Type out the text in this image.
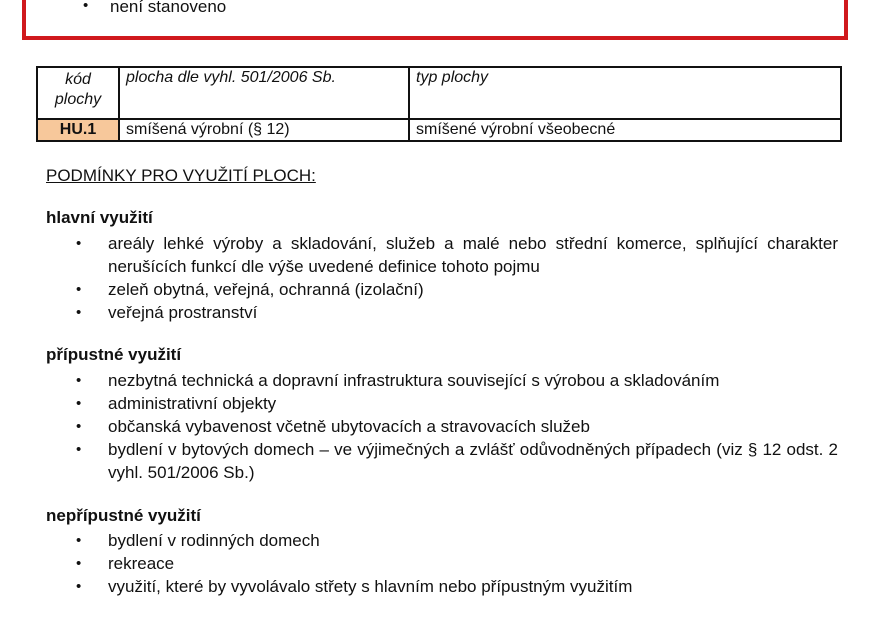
• není stanoveno
kód plochy	plocha dle vyhl. 501/2006 Sb.	typ plochy
HU.1	smíšená výrobní (§ 12)	smíšené výrobní všeobecné
PODMÍNKY PRO VYUŽITÍ PLOCH:
hlavní využití
• areály lehké výroby a skladování, služeb a malé nebo střední komerce, splňující charakter nerušících funkcí dle výše uvedené definice tohoto pojmu
• zeleň obytná, veřejná, ochranná (izolační)
• veřejná prostranství
přípustné využití
• nezbytná technická a dopravní infrastruktura související s výrobou a skladováním
• administrativní objekty
• občanská vybavenost včetně ubytovacích a stravovacích služeb
• bydlení v bytových domech – ve výjimečných a zvlášť odůvodněných případech (viz § 12 odst. 2 vyhl. 501/2006 Sb.)
nepřípustné využití
• bydlení v rodinných domech
• rekreace
• využití, které by vyvolávalo střety s hlavním nebo přípustným využitím
